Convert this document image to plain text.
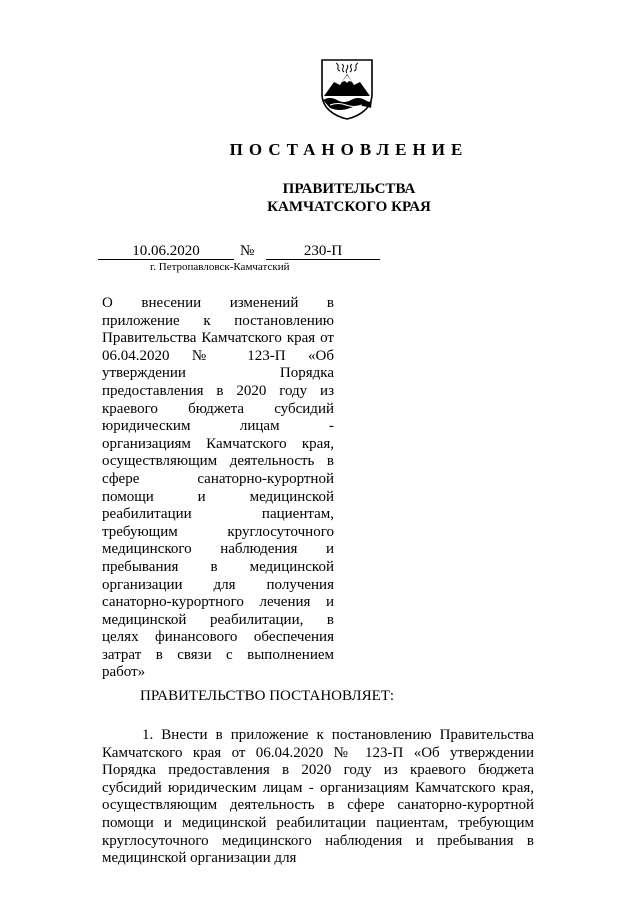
ПОСТАНОВЛЕНИЕ
ПРАВИТЕЛЬСТВА
КАМЧАТСКОГО КРАЯ
10.06.2020	№	230-П
г. Петропавловск-Камчатский
О внесении изменений в приложение к постановлению Правительства Камчатского края от 06.04.2020 № 123-П «Об утверждении Порядка предоставления в 2020 году из краевого бюджета субсидий юридическим лицам - организациям Камчатского края, осуществляющим деятельность в сфере санаторно-курортной помощи и медицинской реабилитации пациентам, требующим круглосуточного медицинского наблюдения и пребывания в медицинской организации для получения санаторно-курортного лечения и медицинской реабилитации, в целях финансового обеспечения затрат в связи с выполнением работ»
ПРАВИТЕЛЬСТВО ПОСТАНОВЛЯЕТ:
1. Внести в приложение к постановлению Правительства Камчатского края от 06.04.2020 № 123-П «Об утверждении Порядка предоставления в 2020 году из краевого бюджета субсидий юридическим лицам - организациям Камчатского края, осуществляющим деятельность в сфере санаторно-курортной помощи и медицинской реабилитации пациентам, требующим круглосуточного медицинского наблюдения и пребывания в медицинской организации для
